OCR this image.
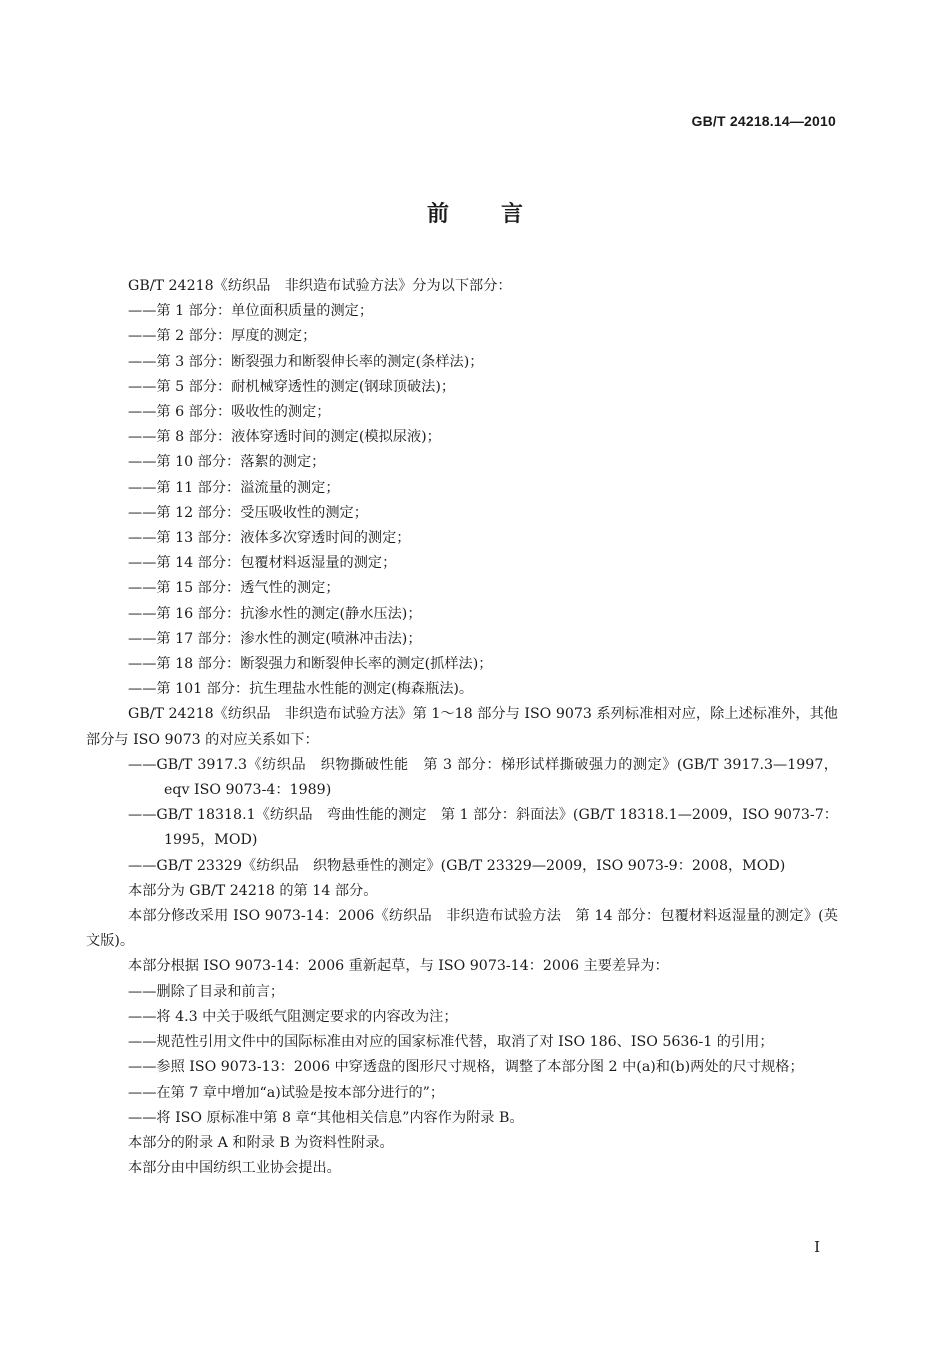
GB/T 24218.14—2010
前言

GB/T 24218《纺织品　非织造布试验方法》分为以下部分：

——第 1 部分：单位面积质量的测定；

——第 2 部分：厚度的测定；

——第 3 部分：断裂强力和断裂伸长率的测定(条样法)；

——第 5 部分：耐机械穿透性的测定(钢球顶破法)；

——第 6 部分：吸收性的测定；

——第 8 部分：液体穿透时间的测定(模拟尿液)；

——第 10 部分：落絮的测定；

——第 11 部分：溢流量的测定；

——第 12 部分：受压吸收性的测定；

——第 13 部分：液体多次穿透时间的测定；

——第 14 部分：包覆材料返湿量的测定；

——第 15 部分：透气性的测定；

——第 16 部分：抗渗水性的测定(静水压法)；

——第 17 部分：渗水性的测定(喷淋冲击法)；

——第 18 部分：断裂强力和断裂伸长率的测定(抓样法)；

——第 101 部分：抗生理盐水性能的测定(梅森瓶法)。

GB/T 24218《纺织品　非织造布试验方法》第 1～18 部分与 ISO 9073 系列标准相对应，除上述标准外，其他部分与 ISO 9073 的对应关系如下：

——GB/T 3917.3《纺织品　织物撕破性能　第 3 部分：梯形试样撕破强力的测定》(GB/T 3917.3—1997，eqv ISO 9073-4：1989)

——GB/T 18318.1《纺织品　弯曲性能的测定　第 1 部分：斜面法》(GB/T 18318.1—2009，ISO 9073-7：1995，MOD)

——GB/T 23329《纺织品　织物悬垂性的测定》(GB/T 23329—2009，ISO 9073-9：2008，MOD)

本部分为 GB/T 24218 的第 14 部分。

本部分修改采用 ISO 9073-14：2006《纺织品　非织造布试验方法　第 14 部分：包覆材料返湿量的测定》(英文版)。

本部分根据 ISO 9073-14：2006 重新起草，与 ISO 9073-14：2006 主要差异为：

——删除了目录和前言；

——将 4.3 中关于吸纸气阻测定要求的内容改为注；

——规范性引用文件中的国际标准由对应的国家标准代替，取消了对 ISO 186、ISO 5636-1 的引用；

——参照 ISO 9073-13：2006 中穿透盘的图形尺寸规格，调整了本部分图 2 中(a)和(b)两处的尺寸规格；

——在第 7 章中增加“a)试验是按本部分进行的”；

——将 ISO 原标准中第 8 章“其他相关信息”内容作为附录 B。

本部分的附录 A 和附录 B 为资料性附录。

本部分由中国纺织工业协会提出。

I
